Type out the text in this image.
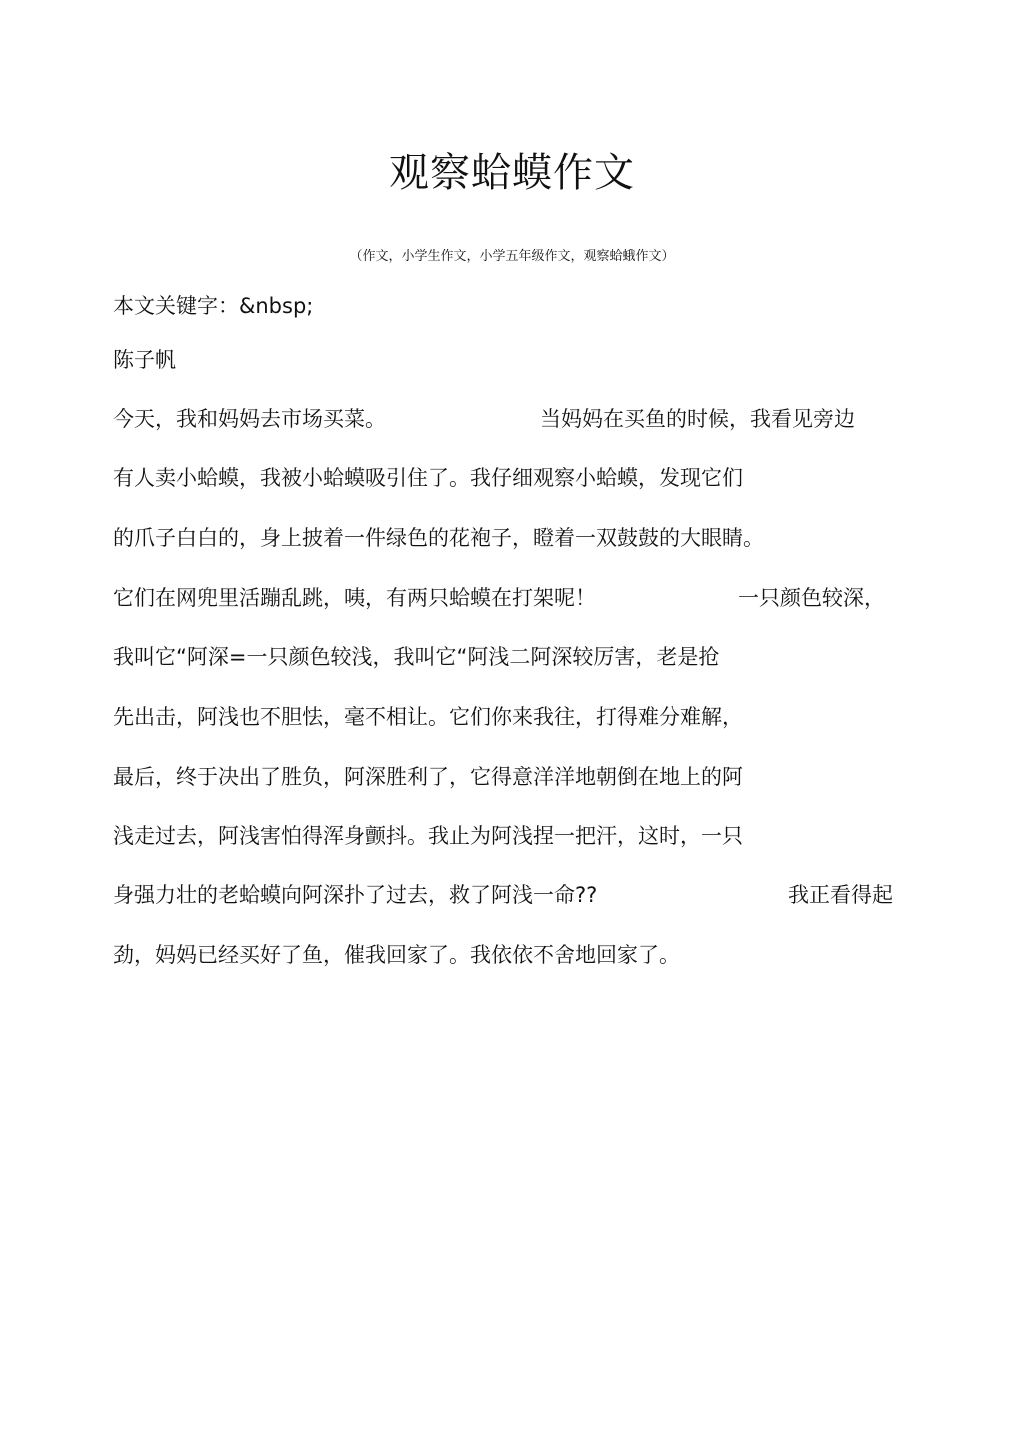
观察蛤蟆作文
（作文，小学生作文，小学五年级作文，观察蛤蛾作文）
本文关键字：&nbsp;
陈子帆
今天，我和妈妈去市场买菜。	当妈妈在买鱼的时候，我看见旁边
有人卖小蛤蟆，我被小蛤蟆吸引住了。我仔细观察小蛤蟆，发现它们
的爪子白白的，身上披着一件绿色的花袍子，瞪着一双鼓鼓的大眼睛。
它们在网兜里活蹦乱跳，咦，有两只蛤蟆在打架呢！	一只颜色较深，
我叫它“阿深=一只颜色较浅，我叫它“阿浅二阿深较厉害，老是抢
先出击，阿浅也不胆怯，毫不相让。它们你来我往，打得难分难解，
最后，终于决出了胜负，阿深胜利了，它得意洋洋地朝倒在地上的阿
浅走过去，阿浅害怕得浑身颤抖。我止为阿浅捏一把汗，这时，一只
身强力壮的老蛤蟆向阿深扑了过去，救了阿浅一命??	我正看得起
劲，妈妈已经买好了鱼，催我回家了。我依依不舍地回家了。
